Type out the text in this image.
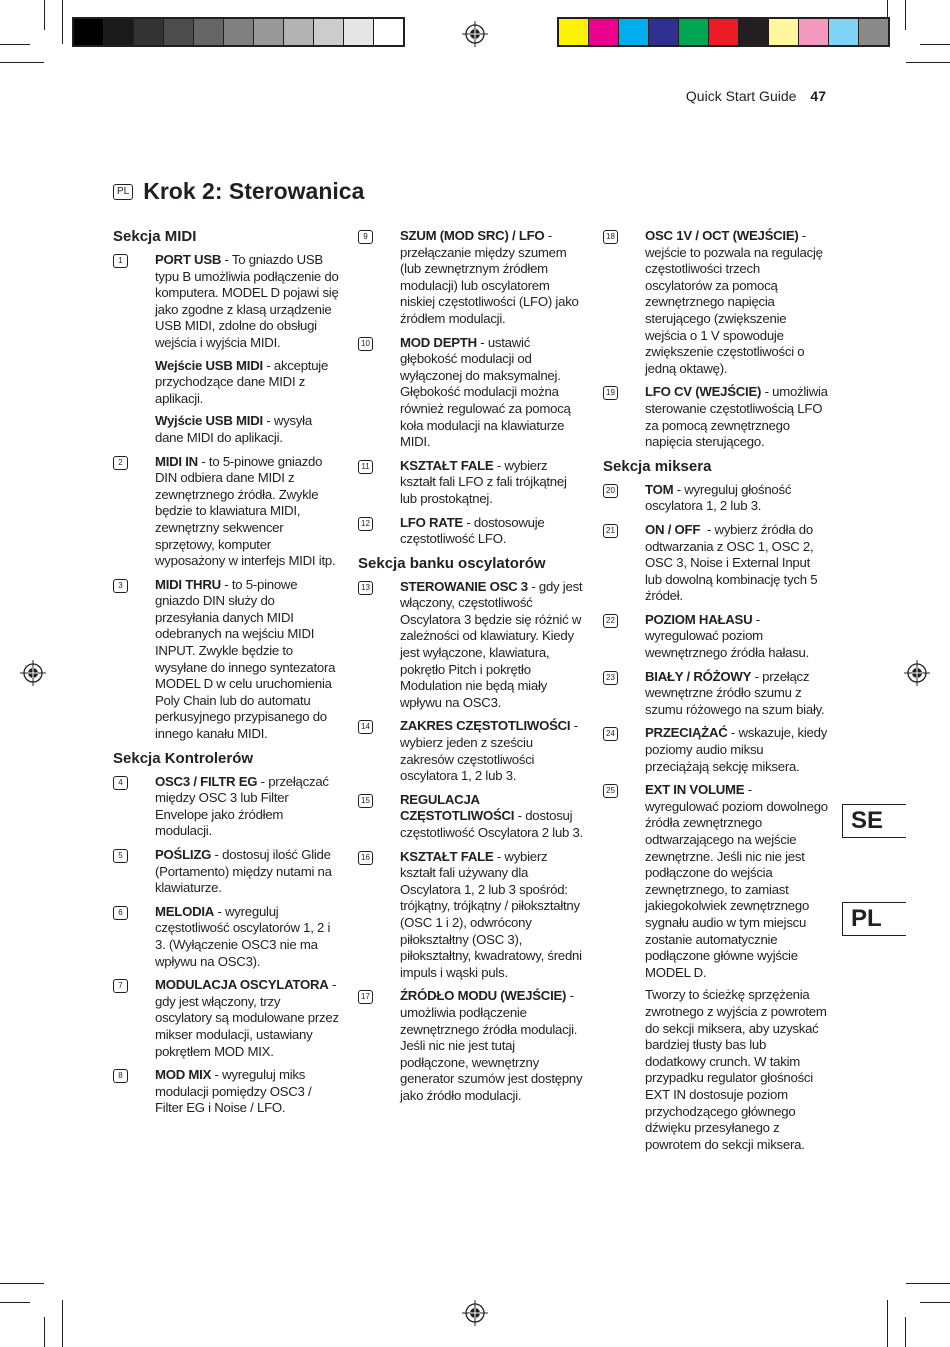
Quick Start Guide 47
PL Krok 2: Sterowanica
Sekcja MIDI
1	PORT USB - To gniazdo USB typu B umożliwia podłączenie do komputera. MODEL D pojawi się jako zgodne z klasą urządzenie USB MIDI, zdolne do obsługi wejścia i wyjścia MIDI.
Wejście USB MIDI - akceptuje przychodzące dane MIDI z aplikacji.
Wyjście USB MIDI - wysyła dane MIDI do aplikacji.
2	MIDI IN - to 5-pinowe gniazdo DIN odbiera dane MIDI z zewnętrznego źródła. Zwykle będzie to klawiatura MIDI, zewnętrzny sekwencer sprzętowy, komputer wyposażony w interfejs MIDI itp.
3	MIDI THRU - to 5-pinowe gniazdo DIN służy do przesyłania danych MIDI odebranych na wejściu MIDI INPUT. Zwykle będzie to wysyłane do innego syntezatora MODEL D w celu uruchomienia Poly Chain lub do automatu perkusyjnego przypisanego do innego kanału MIDI.
Sekcja Kontrolerów
4	OSC3 / FILTR EG - przełączać między OSC 3 lub Filter Envelope jako źródłem modulacji.
5	POŚLIZG - dostosuj ilość Glide (Portamento) między nutami na klawiaturze.
6	MELODIA - wyreguluj częstotliwość oscylatorów 1, 2 i 3. (Wyłączenie OSC3 nie ma wpływu na OSC3).
7	MODULACJA OSCYLATORA - gdy jest włączony, trzy oscylatory są modulowane przez mikser modulacji, ustawiany pokrętłem MOD MIX.
8	MOD MIX - wyreguluj miks modulacji pomiędzy OSC3 / Filter EG i Noise / LFO.
9	SZUM (MOD SRC) / LFO - przełączanie między szumem (lub zewnętrznym źródłem modulacji) lub oscylatorem niskiej częstotliwości (LFO) jako źródłem modulacji.
10 MOD DEPTH - ustawić głębokość modulacji od wyłączonej do maksymalnej. Głębokość modulacji można również regulować za pomocą koła modulacji na klawiaturze MIDI.
11 KSZTAŁT FALE - wybierz kształt fali LFO z fali trójkątnej lub prostokątnej.
12 LFO RATE - dostosowuje częstotliwość LFO.
Sekcja banku oscylatorów
13 STEROWANIE OSC 3 - gdy jest włączony, częstotliwość Oscylatora 3 będzie się różnić w zależności od klawiatury. Kiedy jest wyłączone, klawiatura, pokrętło Pitch i pokrętło Modulation nie będą miały wpływu na OSC3.
14 ZAKRES CZĘSTOTLIWOŚCI - wybierz jeden z sześciu zakresów częstotliwości oscylatora 1, 2 lub 3.
15 REGULACJA CZĘSTOTLIWOŚCI - dostosuj częstotliwość Oscylatora 2 lub 3.
16 KSZTAŁT FALE - wybierz kształt fali używany dla Oscylatora 1, 2 lub 3 spośród: trójkątny, trójkątny / piłokształtny (OSC 1 i 2), odwrócony piłokształtny (OSC 3), piłokształtny, kwadratowy, średni impuls i wąski puls.
17 ŹRÓDŁO MODU (WEJŚCIE) - umożliwia podłączenie zewnętrznego źródła modulacji. Jeśli nic nie jest tutaj podłączone, wewnętrzny generator szumów jest dostępny jako źródło modulacji.
18 OSC 1V / OCT (WEJŚCIE) - wejście to pozwala na regulację częstotliwości trzech oscylatorów za pomocą zewnętrznego napięcia sterującego (zwiększenie wejścia o 1 V spowoduje zwiększenie częstotliwości o jedną oktawę).
19 LFO CV (WEJŚCIE) - umożliwia sterowanie częstotliwością LFO za pomocą zewnętrznego napięcia sterującego.
Sekcja miksera
20 TOM - wyreguluj głośność oscylatora 1, 2 lub 3.
21 ON / OFF  - wybierz źródła do odtwarzania z OSC 1, OSC 2, OSC 3, Noise i External Input lub dowolną kombinację tych 5 źródeł.
22 POZIOM HAŁASU - wyregulować poziom wewnętrznego źródła hałasu.
23 BIAŁY / RÓŻOWY - przełącz wewnętrzne źródło szumu z szumu różowego na szum biały.
24 PRZECIĄŻAĆ - wskazuje, kiedy poziomy audio miksu przeciążają sekcję miksera.
25 EXT IN VOLUME - wyregulować poziom dowolnego źródła zewnętrznego odtwarzającego na wejście zewnętrzne. Jeśli nic nie jest podłączone do wejścia zewnętrznego, to zamiast jakiegokolwiek zewnętrznego sygnału audio w tym miejscu zostanie automatycznie podłączone główne wyjście MODEL D.
Tworzy to ścieżkę sprzężenia zwrotnego z wyjścia z powrotem do sekcji miksera, aby uzyskać bardziej tłusty bas lub dodatkowy crunch. W takim przypadku regulator głośności EXT IN dostosuje poziom przychodzącego głównego dźwięku przesyłanego z powrotem do sekcji miksera.
SE
PL
